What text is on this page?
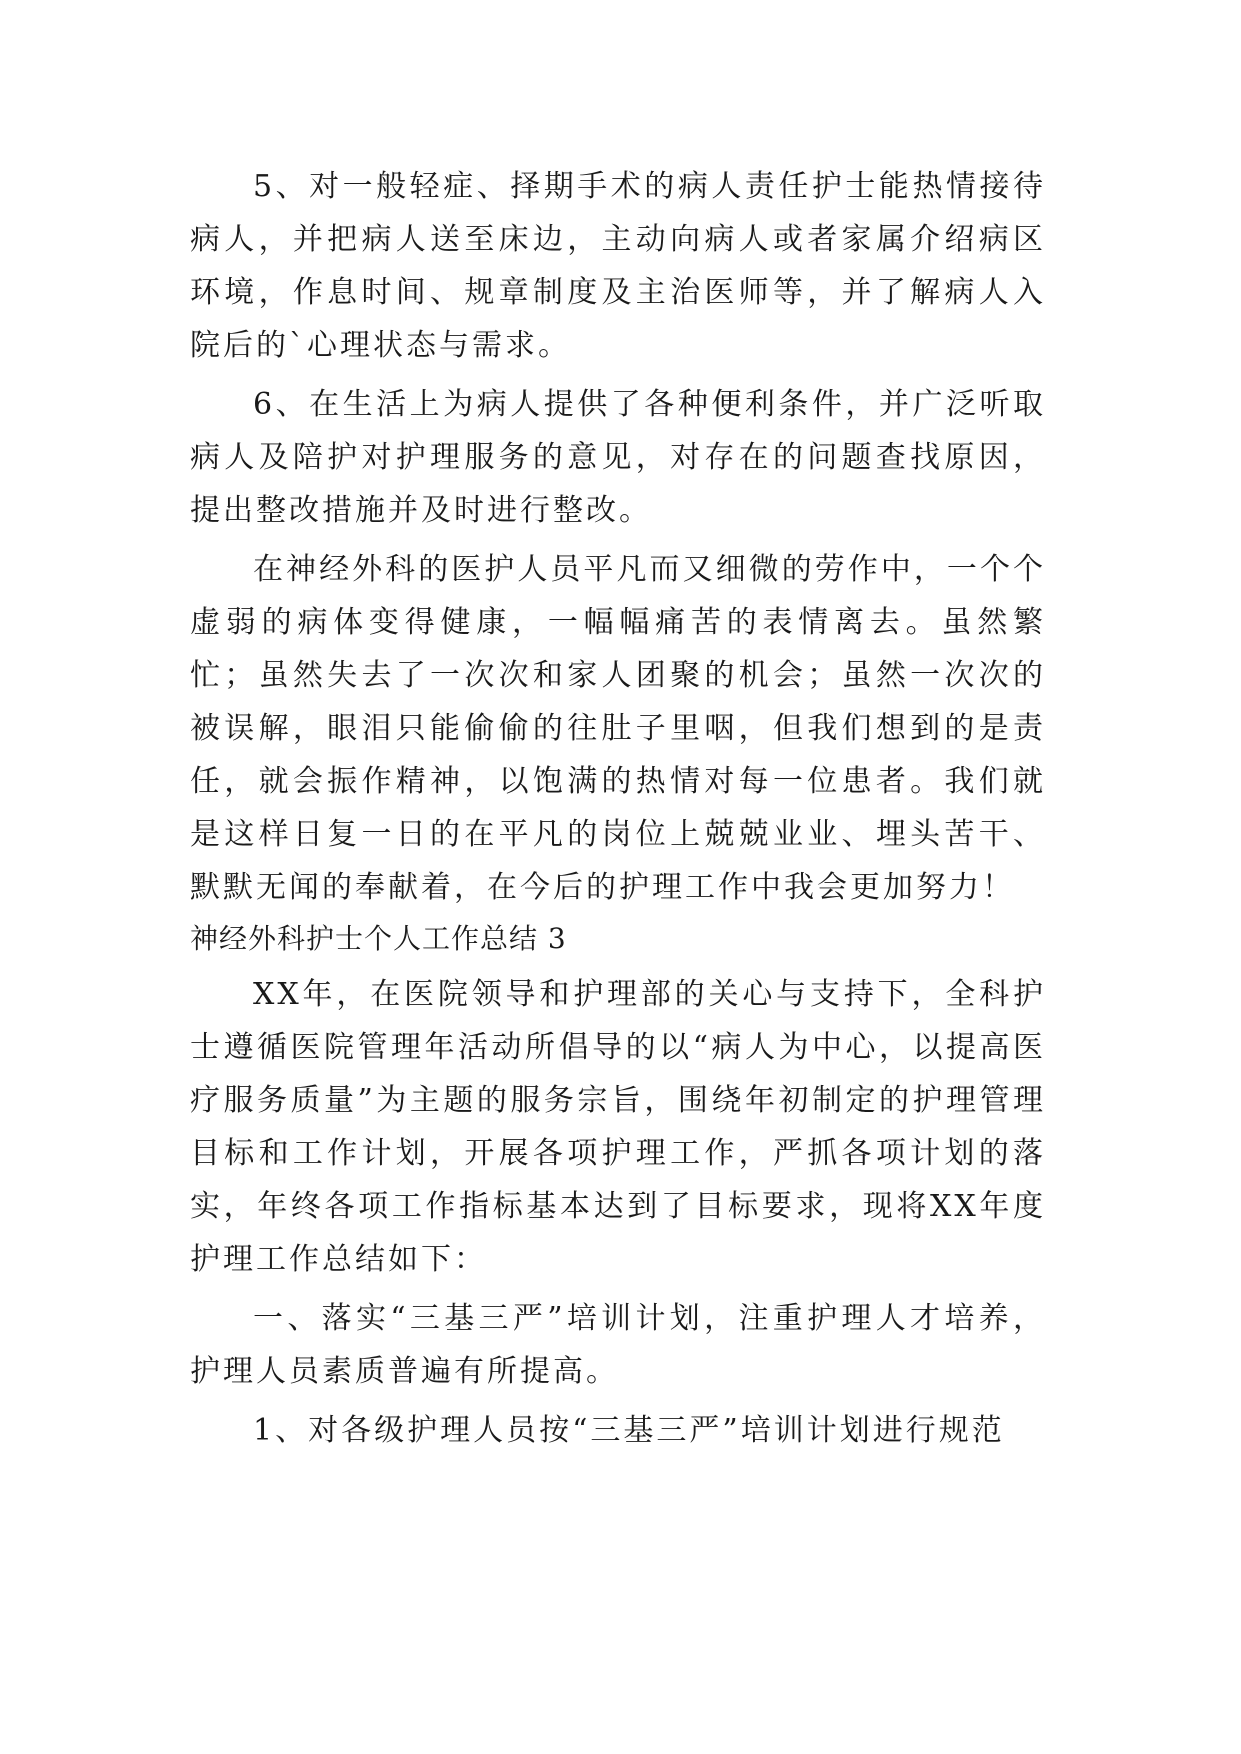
5、对一般轻症、择期手术的病人责任护士能热情接待病人，并把病人送至床边，主动向病人或者家属介绍病区环境，作息时间、规章制度及主治医师等，并了解病人入院后的`心理状态与需求。

6、在生活上为病人提供了各种便利条件，并广泛听取病人及陪护对护理服务的意见，对存在的问题查找原因，提出整改措施并及时进行整改。

在神经外科的医护人员平凡而又细微的劳作中，一个个虚弱的病体变得健康，一幅幅痛苦的表情离去。虽然繁忙；虽然失去了一次次和家人团聚的机会；虽然一次次的被误解，眼泪只能偷偷的往肚子里咽，但我们想到的是责任，就会振作精神，以饱满的热情对每一位患者。我们就是这样日复一日的在平凡的岗位上兢兢业业、埋头苦干、默默无闻的奉献着，在今后的护理工作中我会更加努力！

神经外科护士个人工作总结 3

XX年，在医院领导和护理部的关心与支持下，全科护士遵循医院管理年活动所倡导的以“病人为中心，以提高医疗服务质量”为主题的服务宗旨，围绕年初制定的护理管理目标和工作计划，开展各项护理工作，严抓各项计划的落实，年终各项工作指标基本达到了目标要求，现将XX年度护理工作总结如下：

一、落实“三基三严”培训计划，注重护理人才培养，护理人员素质普遍有所提高。

1、对各级护理人员按“三基三严”培训计划进行规范
